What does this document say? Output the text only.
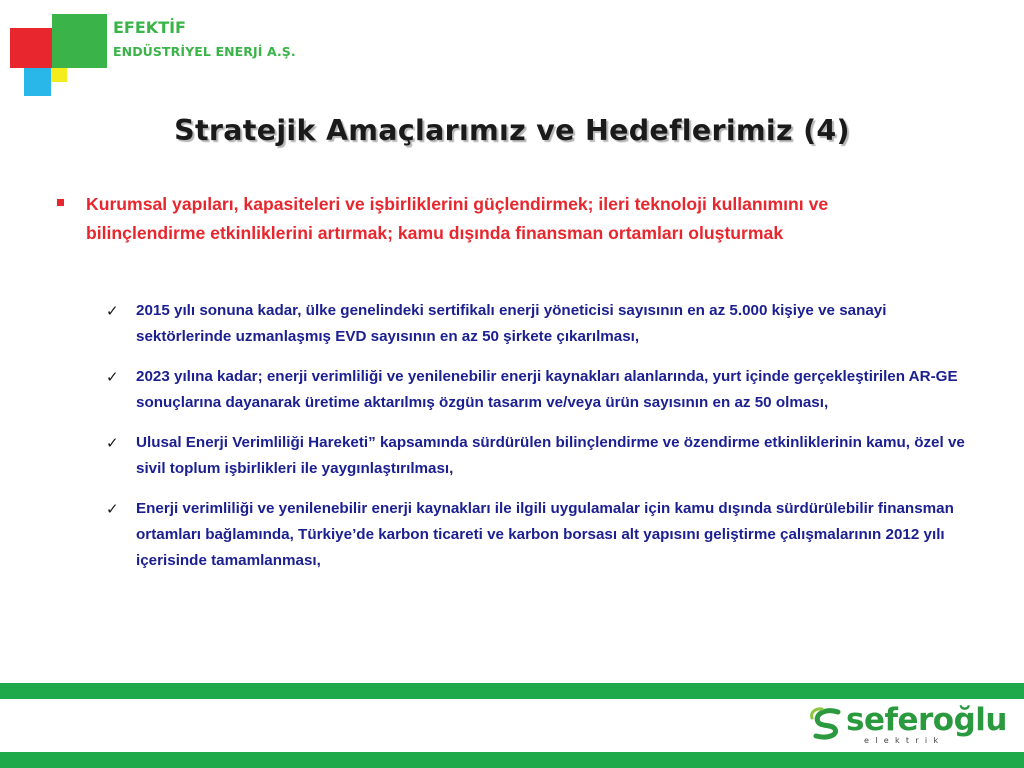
EFEKTİF
ENDÜSTRİYEL ENERJİ A.Ş.
Stratejik Amaçlarımız ve Hedeflerimiz (4)
Kurumsal yapıları, kapasiteleri ve işbirliklerini güçlendirmek; ileri teknoloji kullanımını ve bilinçlendirme etkinliklerini artırmak; kamu dışında finansman ortamları oluşturmak
✓ 2015 yılı sonuna kadar, ülke genelindeki sertifikalı enerji yöneticisi sayısının en az 5.000 kişiye ve sanayi sektörlerinde uzmanlaşmış EVD sayısının en az 50 şirkete çıkarılması,
✓ 2023 yılına kadar; enerji verimliliği ve yenilenebilir enerji kaynakları alanlarında, yurt içinde gerçekleştirilen AR-GE sonuçlarına dayanarak üretime aktarılmış özgün tasarım ve/veya ürün sayısının en az 50 olması,
✓ Ulusal Enerji Verimliliği Hareketi” kapsamında sürdürülen bilinçlendirme ve özendirme etkinliklerinin kamu, özel ve sivil toplum işbirlikleri ile yaygınlaştırılması,
✓ Enerji verimliliği ve yenilenebilir enerji kaynakları ile ilgili uygulamalar için kamu dışında sürdürülebilir finansman ortamları bağlamında, Türkiye’de karbon ticareti ve karbon borsası alt yapısını geliştirme çalışmalarının 2012 yılı içerisinde tamamlanması,
seferoğlu
elektrik
